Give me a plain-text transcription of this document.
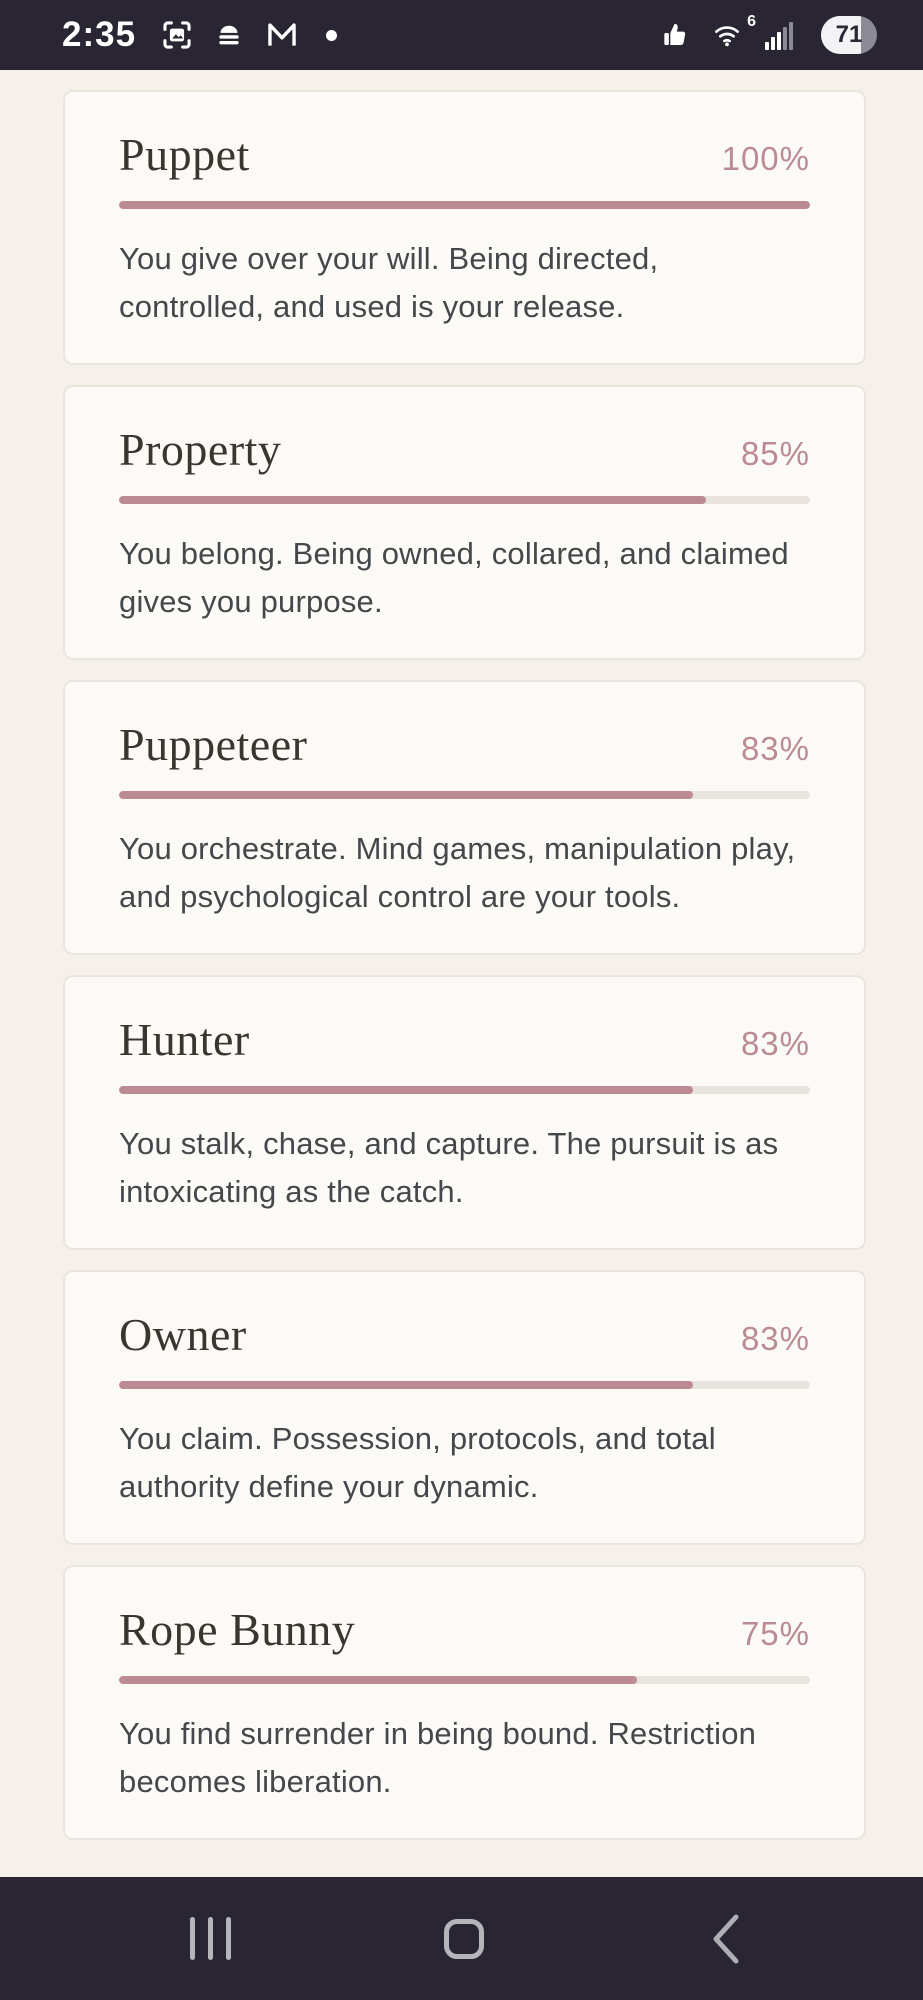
2:35	6	71
Puppet	100%

You give over your will. Being directed, controlled, and used is your release.

Property	85%

You belong. Being owned, collared, and claimed gives you purpose.

Puppeteer	83%

You orchestrate. Mind games, manipulation play, and psychological control are your tools.

Hunter	83%

You stalk, chase, and capture. The pursuit is as intoxicating as the catch.

Owner	83%

You claim. Possession, protocols, and total authority define your dynamic.

Rope Bunny	75%

You find surrender in being bound. Restriction becomes liberation.
